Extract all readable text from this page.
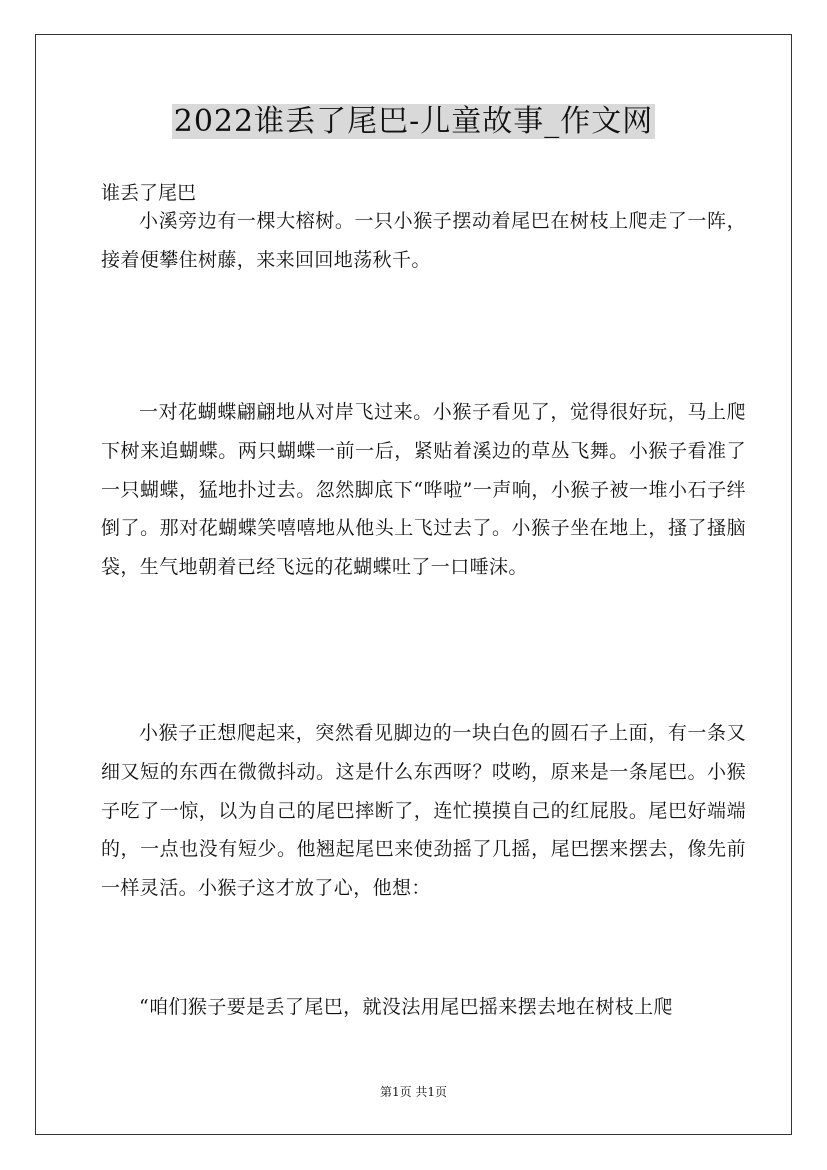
2022谁丢了尾巴-儿童故事_作文网
谁丢了尾巴

小溪旁边有一棵大榕树。一只小猴子摆动着尾巴在树枝上爬走了一阵，接着便攀住树藤，来来回回地荡秋千。

一对花蝴蝶翩翩地从对岸飞过来。小猴子看见了，觉得很好玩，马上爬下树来追蝴蝶。两只蝴蝶一前一后，紧贴着溪边的草丛飞舞。小猴子看准了一只蝴蝶，猛地扑过去。忽然脚底下“哗啦”一声响，小猴子被一堆小石子绊倒了。那对花蝴蝶笑嘻嘻地从他头上飞过去了。小猴子坐在地上，搔了搔脑袋，生气地朝着已经飞远的花蝴蝶吐了一口唾沫。

小猴子正想爬起来，突然看见脚边的一块白色的圆石子上面，有一条又细又短的东西在微微抖动。这是什么东西呀？哎哟，原来是一条尾巴。小猴子吃了一惊，以为自己的尾巴摔断了，连忙摸摸自己的红屁股。尾巴好端端的，一点也没有短少。他翘起尾巴来使劲摇了几摇，尾巴摆来摆去，像先前一样灵活。小猴子这才放了心，他想：

“咱们猴子要是丢了尾巴，就没法用尾巴摇来摆去地在树枝上爬

第1页 共1页
